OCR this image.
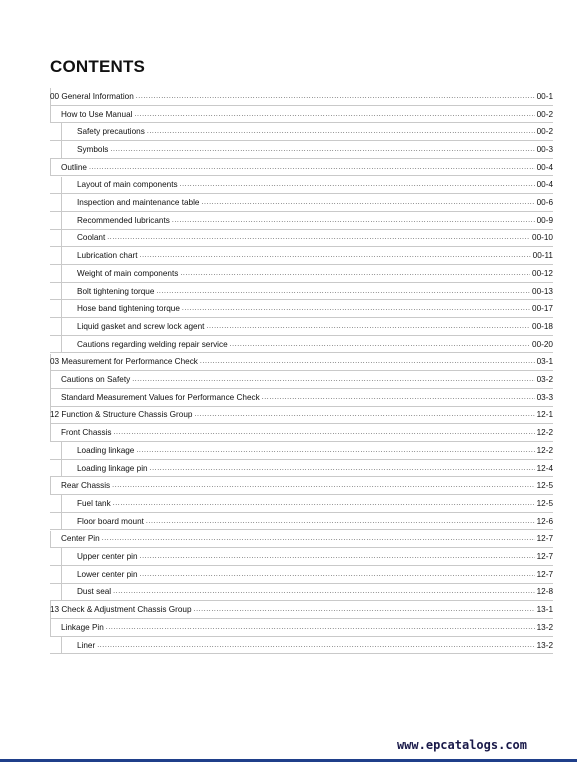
CONTENTS
00 General Information .....	00-1
How to Use Manual .....	00-2
Safety precautions .....	00-2
Symbols .....	00-3
Outline .....	00-4
Layout of main components .....	00-4
Inspection and maintenance table .....	00-6
Recommended lubricants .....	00-9
Coolant .....	00-10
Lubrication chart .....	00-11
Weight of main components .....	00-12
Bolt tightening torque .....	00-13
Hose band tightening torque .....	00-17
Liquid gasket and screw lock agent .....	00-18
Cautions regarding welding repair service .....	00-20
03 Measurement for Performance Check .....	03-1
Cautions on Safety .....	03-2
Standard Measurement Values for Performance Check .....	03-3
12 Function & Structure Chassis Group .....	12-1
Front Chassis .....	12-2
Loading linkage .....	12-2
Loading linkage pin .....	12-4
Rear Chassis .....	12-5
Fuel tank .....	12-5
Floor board mount .....	12-6
Center Pin .....	12-7
Upper center pin .....	12-7
Lower center pin .....	12-7
Dust seal .....	12-8
13 Check & Adjustment Chassis Group .....	13-1
Linkage Pin .....	13-2
Liner .....	13-2
www.epcatalogs.com
